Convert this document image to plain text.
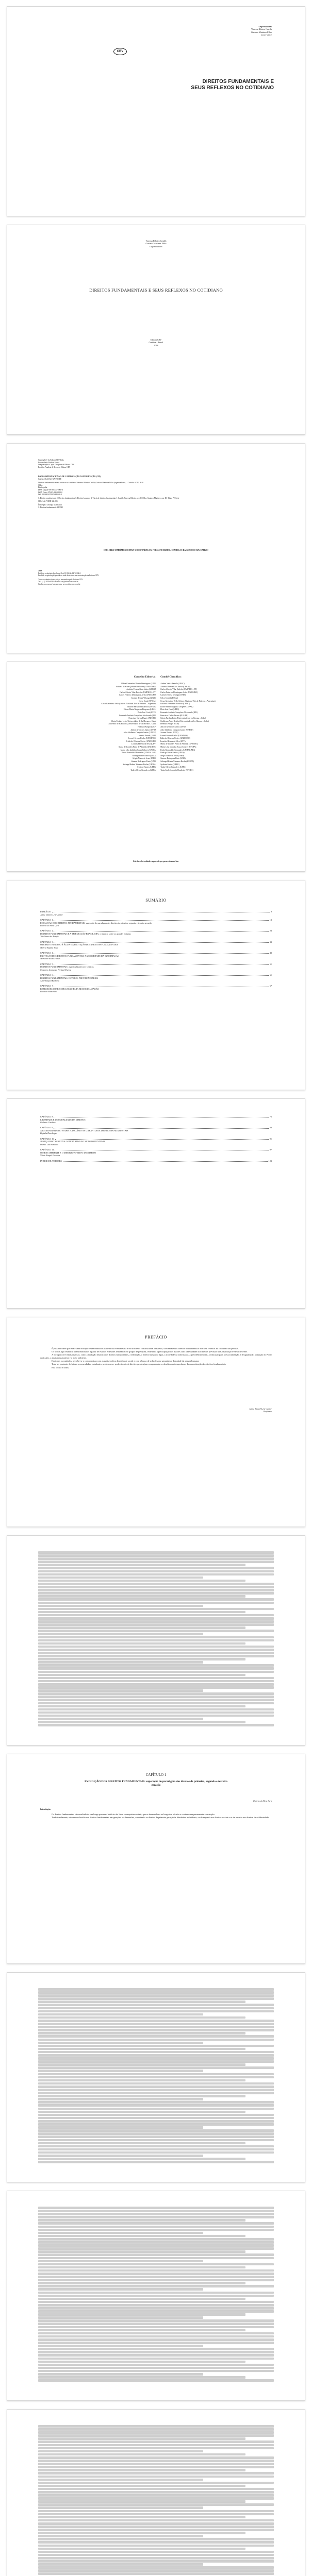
Organizadores
Vanessa Ribeiro Castilh
Gustavo Martinez Filho
Lucas Vance
CRV
DIREITOS FUNDAMENTAIS E
SEUS REFLEXOS NO COTIDIANO
Vanessa Ribeiro Castilh
Gustavo Martinez Filho
Organizadores
DIREITOS FUNDAMENTAIS E SEUS REFLEXOS NO COTIDIANO
Editora CRV
Curitiba – Brasil
2018
Copyright © da Editora CRV Ltda.
Editor-chefe: Railson Moura
Diagramação e Capa: Designers da Editora CRV
Revisão: Analista de Texto da Editora CRV
DADOS INTERNACIONAIS DE CATALOGAÇÃO NA PUBLICAÇÃO (CIP)
CATALOGAÇÃO NA FONTE
Direitos fundamentais e seus reflexos no cotidiano / Vanessa Ribeiro Castilh, Gustavo Martinez Filho (organizadores). – Curitiba : CRV, 2018.
104 p.
Bibliografia
ISBN Digital 978-85-444-2960-6
ISBN Físico 978-85-444-2959-0
DOI 10.24824/978854442959.0
1. Direito constitucional 2. Direitos fundamentais 3. Direitos humanos 4. Tutela de direitos fundamentais I. Castilh, Vanessa Ribeiro. org. II. Filho, Gustavo Martinez. org. III. Título IV. Série
CDU 342.7 CDD 342.085
Índice para catálogo sistemático
1. Direitos fundamentais 342.085
ESTA OBRA TAMBÉM ENCONTRA-SE DISPONÍVEL EM FORMATO DIGITAL. CONHEÇA E BAIXE NOSSO APLICATIVO!
2018
Foi feito o depósito legal conf. Lei 10.994 de 14/12/2004
Proibida a reprodução parcial ou total desta obra sem autorização da Editora CRV
Todos os direitos desta edição reservados pela: Editora CRV
Tel.: (41) 3039-6418 - E-mail: sac@editoracrv.com.br
Conheça os nossos lançamentos: www.editoracrv.com.br
Conselho Editorial:	Comitê Científico:
Aldira Guimarães Duarte Domínguez (UNB)	Andrea Vieira Zanella (UFSC)
Andréia da Silva Quintanilha Sousa (UNIR/UFRN)	Antonio Pereira Gaio Júnior (UFRRJ)
Antônio Pereira Gaio Júnior (UFRRJ)	Carlos Alberto Vilar Estêvão (UMINHO – PT)
Carlos Alberto Vilar Estêvão (UMINHO – PT)	Carlos Federico Dominguez Avila (UNIEURO)
Carlos Federico Dominguez Avila (UNIEURO)	Carmen Tereza Velanga (UNIR)
Carmen Tereza Velanga (UNIR)	Celso Conti (UFSCar)
Celso Conti (UFSCar)	Cesar Gerónimo Tello (Univer. Nacional Três de Febrero – Argentina)
Cesar Gerónimo Tello (Univer. Nacional Três de Febrero – Argentina)	Eduardo Fernandes Barbosa (UFMG)
Eduardo Fernandes Barbosa (UFMG)	Elione Maria Nogueira Diogenes (UFAL)
Elione Maria Nogueira Diogenes (UFAL)	Élsio José Corá (UFFS)
Élsio José Corá (UFFS)	Fernando Antônio Gonçalves Alcoforado (IPB)
Fernando Antônio Gonçalves Alcoforado (IPB)	Francisco Carlos Duarte (PUC-PR)
Francisco Carlos Duarte (PUC-PR)	Gloria Fariñas León (Universidade de La Havana – Cuba)
Gloria Fariñas León (Universidade de La Havana – Cuba)	Guillermo Arias Beatón (Universidade de La Havana – Cuba)
Guillermo Arias Beatón (Universidade de La Havana – Cuba)	Helmuth Krüger (UCP)
Helmuth Krüger (UCP)	Jailson Alves dos Santos (UFRJ)
Jailson Alves dos Santos (UFRJ)	João Adalberto Campato Junior (UNESP)
João Adalberto Campato Junior (UNESP)	Josania Portela (UFPI)
Josania Portela (UFPI)	Leonel Severo Rocha (UNISINOS)
Leonel Severo Rocha (UNISINOS)	Lídia de Oliveira Xavier (UNIEURO)
Lídia de Oliveira Xavier (UNIEURO)	Lourdes Helena da Silva (UFV)
Lourdes Helena da Silva (UFV)	Maria de Lourdes Pinto de Almeida (UNOESC)
Maria de Lourdes Pinto de Almeida (UNOESC)	Maria Lília Imbiriba Sousa Colares (UFOPA)
Maria Lília Imbiriba Sousa Colares (UFOPA)	Paulo Romualdo Hernandes (UNIFAL-MG)
Paulo Romualdo Hernandes (UNIFAL-MG)	Rodrigo Pratte-Santos (UFES)
Rodrigo Pratte-Santos (UFES)	Sérgio Nunes de Jesus (IFRO)
Sérgio Nunes de Jesus (IFRO)	Simone Rodrigues Pinto (UNB)
Simone Rodrigues Pinto (UNB)	Solange Helena Ximenes-Rocha (UFOPA)
Solange Helena Ximenes-Rocha (UFOPA)	Sydione Santos (UEPG)
Sydione Santos (UEPG)	Tadeu Oliver Gonçalves (UFPA)
Tadeu Oliver Gonçalves (UFPA)	Tania Suely Azevedo Brasileiro (UFOPA)
Este livro foi avaliado e aprovado por pareceristas ad hoc.
SUMÁRIO
PREFÁCIO	9
Jaime Daniel Leite Junior
CAPÍTULO 1	13
EVOLUÇÃO DOS DIREITOS FUNDAMENTAIS: superação do paradigma dos direitos de primeira, segunda e terceira geração
Rubens da Silva Lyra
CAPÍTULO 2	23
DIREITOS FUNDAMENTAIS E A TRIBUTAÇÃO BRASILEIRA: o impacto sobre os grandes fortunas
Tais Sousa de Araujo
CAPÍTULO 3	33
O DIREITO HUMANO À ÁGUA E A PROTEÇÃO DOS DIREITOS FUNDAMENTAIS
Márcia Regina Silva
CAPÍTULO 4	43
PROTEÇÃO DOS DIREITOS FUNDAMENTAIS NA SOCIEDADE DA INFORMAÇÃO
Mariana Aleixo Fontes
CAPÍTULO 5	51
DIREITOS FUNDAMENTAIS: aspectos históricos e teóricos
Cristiano Leonardo Freitas Silveira
CAPÍTULO 6	61
DIREITOS FUNDAMENTAIS: ESTUDOS PREVIDENCIÁRIOS
Aline Raquel Barbosa
CAPÍTULO 7	67
REFLEXÕES SOBRE EDUCAÇÃO PARA RESSOCIALIZAÇÃO
Rosaura Marcelino
CAPÍTULO 8	75
LIBERDADE E DESIGUALDADE DE DIREITOS
Gislaine Cardoso
CAPÍTULO 9	83
A LEGITIMIDADE DO PODER JUDICIÁRIO NA GARANTIA DE DIREITOS FUNDAMENTAIS
Rafaela Dias Lopes
CAPÍTULO 10	91
JUSTIÇA RESTAURATIVA: ALTERNATIVA AO MODELO PUNITIVO
Otávio Luiz Almeida
CAPÍTULO 11	97
O MEIO AMBIENTE E O MEMBRO AFETIVO DO DIREITO
Vânia Raquel Ferreira
ÍNDICE DE AUTORES	103
PREFÁCIO

É possível dizer que esta é uma obra que reúne trabalhos acadêmicos relevantes na área do direito constitucional brasileiro, com ênfase nos direitos fundamentais e nos seus reflexos no cotidiano das pessoas.

Os textos aqui reunidos foram elaborados a partir de estudos e debates realizados em grupos de pesquisa, refletindo a preocupação dos autores com a efetividade dos direitos previstos na Constituição Federal de 1988.

A obra percorre temas diversos, como a evolução histórica dos direitos fundamentais, a tributação, o direito humano à água, a sociedade da informação, a previdência social, a educação para a ressocialização, a desigualdade, a atuação do Poder Judiciário, a justiça restaurativa e o meio ambiente.

Em todos os capítulos, percebe-se o compromisso com a análise crítica da realidade social e com a busca de soluções que garantam a dignidade da pessoa humana.

Trata-se, portanto, de leitura recomendada a estudantes, professores e profissionais do direito que desejam compreender os desafios contemporâneos da concretização dos direitos fundamentais.

Boa leitura a todos.

Jaime Daniel Leite Junior
Professor
CAPÍTULO 1
EVOLUÇÃO DOS DIREITOS FUNDAMENTAIS: superação do paradigma dos direitos de primeira, segunda e terceira geração
Rubens da Silva Lyra
Introdução

Os direitos fundamentais são resultado de um longo processo histórico de lutas e conquistas sociais, que se desenvolveu ao longo dos séculos e continua em permanente construção.

Tradicionalmente, a doutrina classifica os direitos fundamentais em gerações ou dimensões, associando os direitos de primeira geração às liberdades individuais, os de segunda aos direitos sociais e os de terceira aos direitos de solidariedade.
